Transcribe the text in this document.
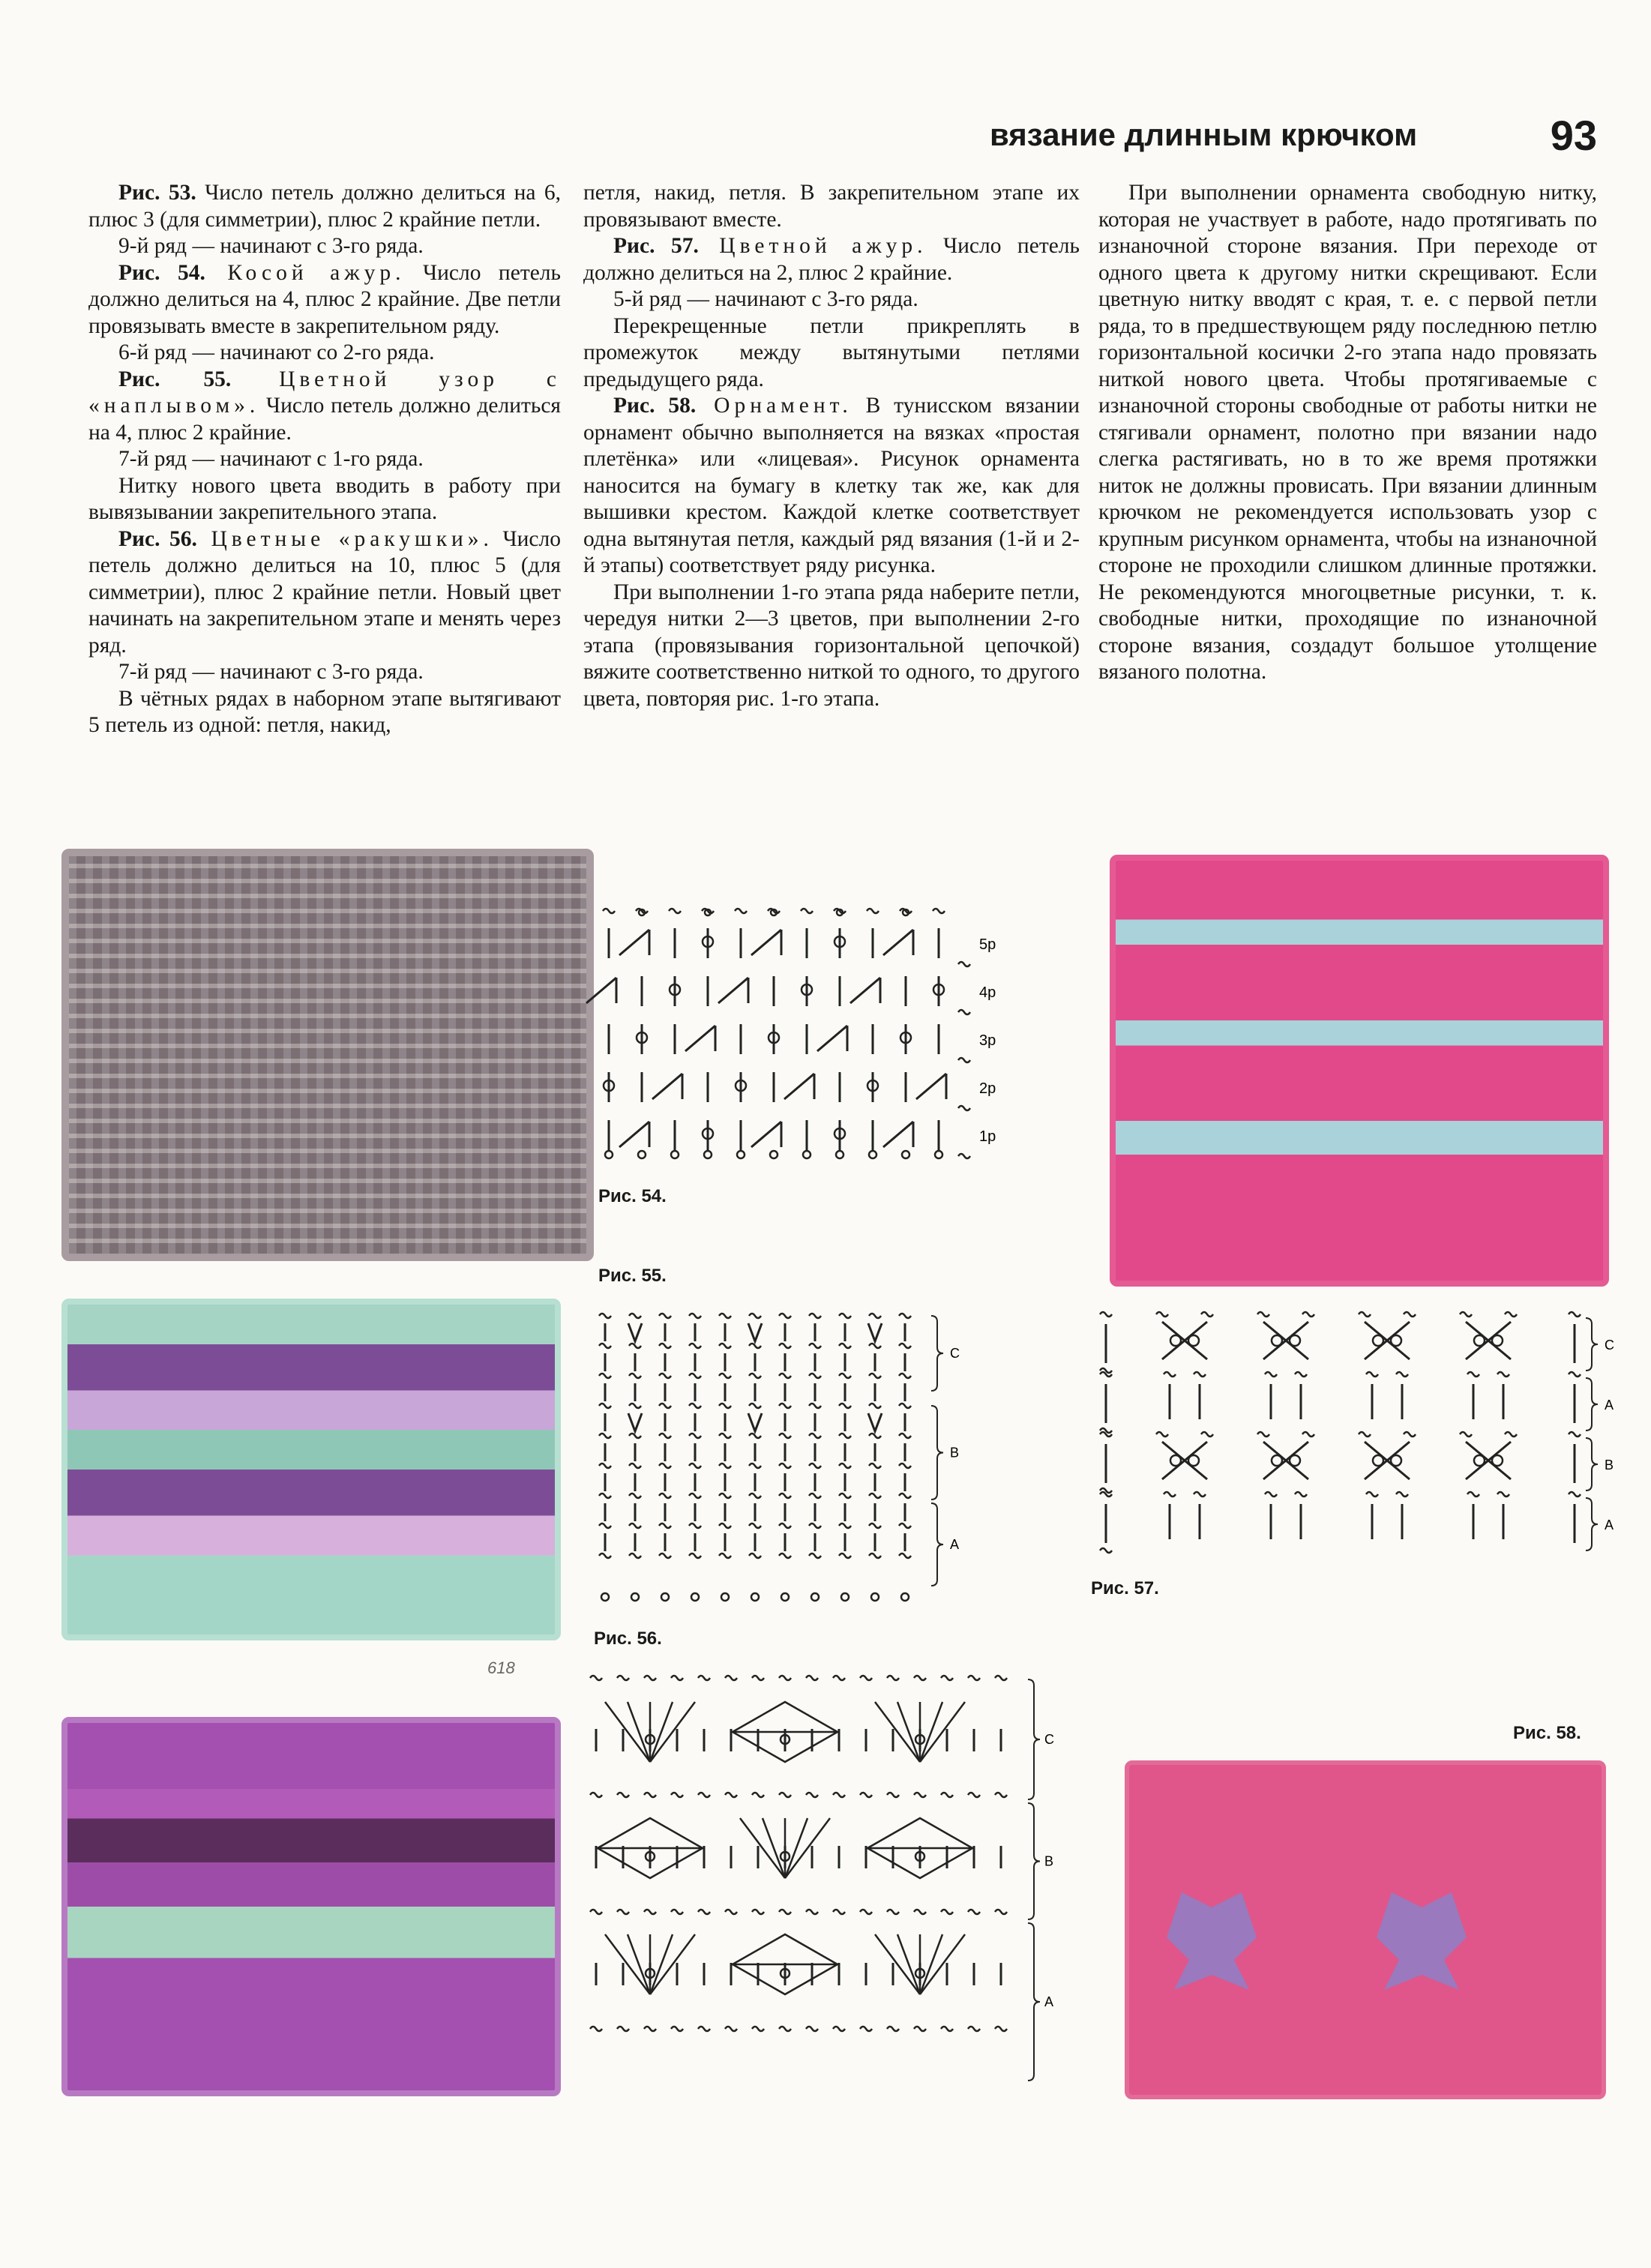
вязание длинным крючком	93

Рис. 53. Число петель должно делиться на 6, плюс 3 (для симметрии), плюс 2 крайние петли.

9-й ряд — начинают с 3-го ряда.

Рис. 54. Косой ажур. Число петель должно делиться на 4, плюс 2 крайние. Две петли провязывать вместе в закрепительном ряду.

6-й ряд — начинают со 2-го ряда.

Рис. 55. Цветной узор с «наплывом». Число петель должно делиться на 4, плюс 2 крайние.

7-й ряд — начинают с 1-го ряда.

Нитку нового цвета вводить в работу при вывязывании закрепительного этапа.

Рис. 56. Цветные «ракушки». Число петель должно делиться на 10, плюс 5 (для симметрии), плюс 2 крайние петли. Новый цвет начинать на закрепительном этапе и менять через ряд.

7-й ряд — начинают с 3-го ряда.

В чётных рядах в наборном этапе вытягивают 5 петель из одной: петля, накид,

петля, накид, петля. В закрепительном этапе их провязывают вместе.

Рис. 57. Цветной ажур. Число петель должно делиться на 2, плюс 2 крайние.

5-й ряд — начинают с 3-го ряда.

Перекрещенные петли прикреплять в промежуток между вытянутыми петлями предыдущего ряда.

Рис. 58. Орнамент. В тунисском вязании орнамент обычно выполняется на вязках «простая плетёнка» или «лицевая». Рисунок орнамента наносится на бумагу в клетку так же, как для вышивки крестом. Каждой клетке соответствует одна вытянутая петля, каждый ряд вязания (1-й и 2-й этапы) соответствует ряду рисунка.

При выполнении 1-го этапа ряда наберите петли, чередуя нитки 2—3 цветов, при выполнении 2-го этапа (провязывания горизонтальной цепочкой) вяжите соответственно ниткой то одного, то другого цвета, повторяя рис. 1-го этапа.

При выполнении орнамента свободную нитку, которая не участвует в работе, надо протягивать по изнаночной стороне вязания. При переходе от одного цвета к другому нитки скрещивают. Если цветную нитку вводят с края, т. е. с первой петли ряда, то в предшествующем ряду последнюю петлю горизонтальной косички 2-го этапа надо провязать ниткой нового цвета. Чтобы протягиваемые с изнаночной стороны свободные от работы нитки не стягивали орнамент, полотно при вязании надо слегка растягивать, но в то же время протяжки ниток не должны провисать. При вязании длинным крючком не рекомендуется использовать узор с крупным рисунком орнамента, чтобы на изнаночной стороне не проходили слишком длинные протяжки. Не рекомендуются многоцветные рисунки, т. к. свободные нитки, проходящие по изнаночной стороне вязания, создадут большое утолщение вязаного полотна.

618
5р
4р
3р
2р
1р
Рис. 54.
Рис. 55.
C
B
A
Рис. 56.
C
B
A
C
A
B
A
Рис. 57.
Рис. 58.
